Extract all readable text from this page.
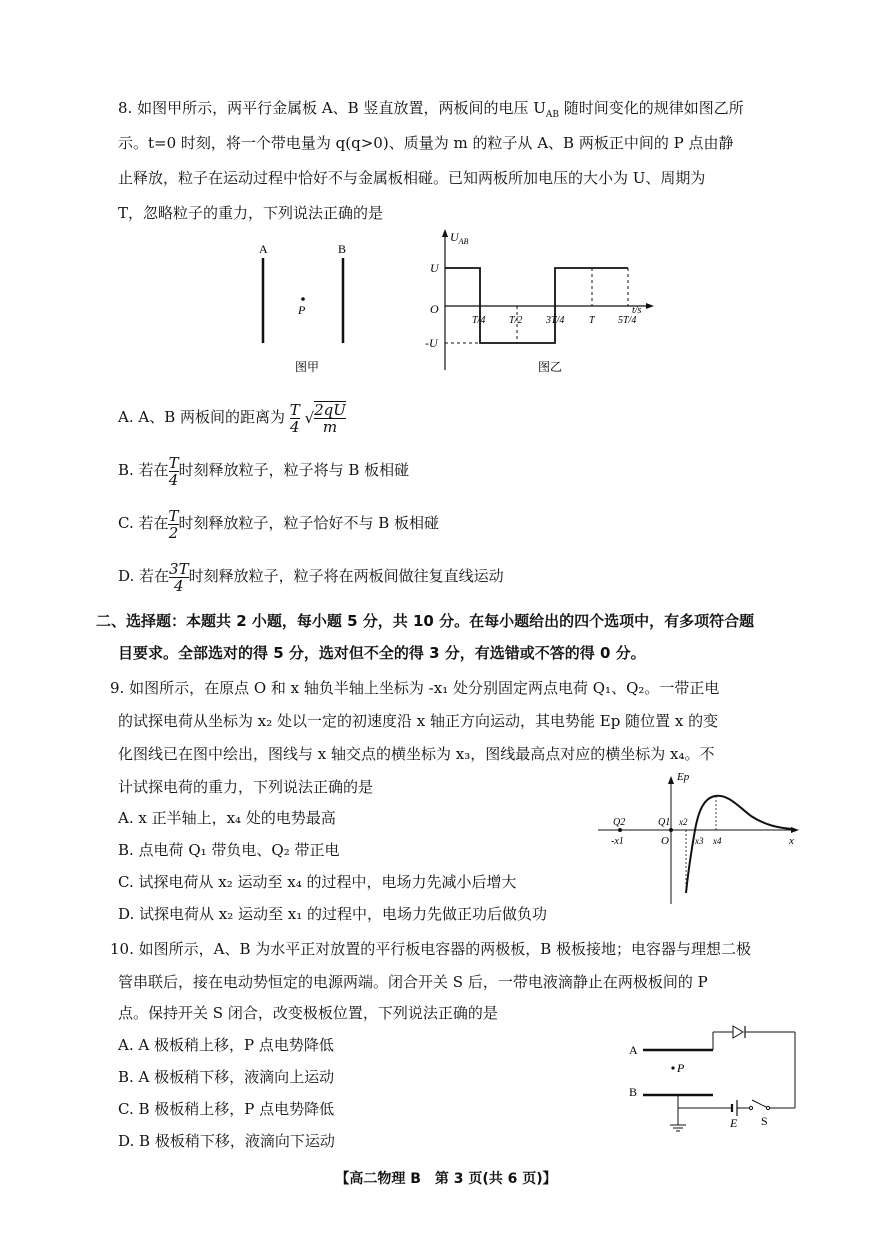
8. 如图甲所示，两平行金属板 A、B 竖直放置，两板间的电压 $U_{AB}$ 随时间变化的规律如图乙所
示。t=0 时刻，将一个带电量为 q(q>0)、质量为 m 的粒子从 A、B 两板正中间的 P 点由静
止释放，粒子在运动过程中恰好不与金属板相碰。已知两板所加电压的大小为 U、周期为
T，忽略粒子的重力，下列说法正确的是
A	B
P
图甲
$U_{AB}$
t/s
O
U
-U
T/4 T/2 3T/4 T 5T/4
图乙
A. A、B 两板间的距离为 $\frac{T}{4}$ √ $\frac{2qU}{m}$
B. 若在 $\frac{T}{4}$ 时刻释放粒子，粒子将与 B 板相碰
C. 若在 $\frac{T}{2}$ 时刻释放粒子，粒子恰好不与 B 板相碰
D. 若在 $\frac{3T}{4}$ 时刻释放粒子，粒子将在两板间做往复直线运动
二、选择题：本题共 2 小题，每小题 5 分，共 10 分。在每小题给出的四个选项中，有多项符合题
目要求。全部选对的得 5 分，选对但不全的得 3 分，有选错或不答的得 0 分。
9. 如图所示，在原点 O 和 x 轴负半轴上坐标为 -x₁ 处分别固定两点电荷 Q₁、Q₂。一带正电
的试探电荷从坐标为 x₂ 处以一定的初速度沿 x 轴正方向运动，其电势能 Ep 随位置 x 的变
化图线已在图中绘出，图线与 x 轴交点的横坐标为 x₃，图线最高点对应的横坐标为 x₄。不
计试探电荷的重力，下列说法正确的是
A. x 正半轴上，x₄ 处的电势最高
B. 点电荷 Q₁ 带负电、Q₂ 带正电
C. 试探电荷从 x₂ 运动至 x₄ 的过程中，电场力先减小后增大
D. 试探电荷从 x₂ 运动至 x₁ 的过程中，电场力先做正功后做负功
Ep
x
O
Q2	Q1
-x1
x2
x3 x4
10. 如图所示，A、B 为水平正对放置的平行板电容器的两极板，B 极板接地；电容器与理想二极
管串联后，接在电动势恒定的电源两端。闭合开关 S 后，一带电液滴静止在两极板间的 P
点。保持开关 S 闭合，改变极板位置，下列说法正确的是
A. A 极板稍上移，P 点电势降低
B. A 极板稍下移，液滴向上运动
C. B 极板稍上移，P 点电势降低
D. B 极板稍下移，液滴向下运动
A
B
P
E S
【高二物理 B　第 3 页(共 6 页)】
